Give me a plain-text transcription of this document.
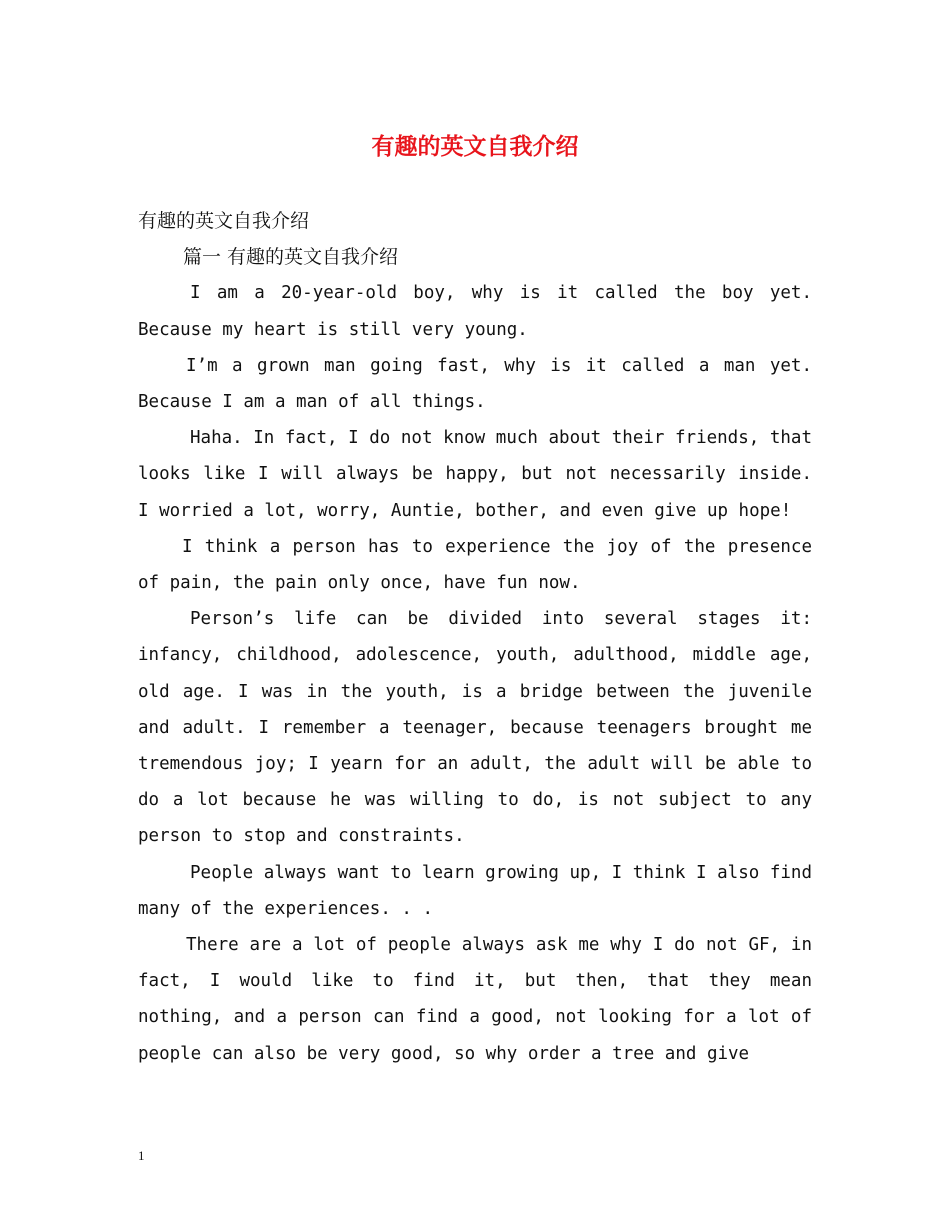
有趣的英文自我介绍

有趣的英文自我介绍

篇一 有趣的英文自我介绍

I am a 20-year-old boy, why is it called the boy yet. Because my heart is still very young.

I’m a grown man going fast, why is it called a man yet. Because I am a man of all things.

Haha. In fact, I do not know much about their friends, that looks like I will always be happy, but not necessarily inside. I worried a lot, worry, Auntie, bother, and even give up hope!

I think a person has to experience the joy of the presence of pain, the pain only once, have fun now.

Person’s life can be divided into several stages it: infancy, childhood, adolescence, youth, adulthood, middle age, old age. I was in the youth, is a bridge between the juvenile and adult. I remember a teenager, because teenagers brought me tremendous joy; I yearn for an adult, the adult will be able to do a lot because he was willing to do, is not subject to any person to stop and constraints.

People always want to learn growing up, I think I also find many of the experiences. . .

There are a lot of people always ask me why I do not GF, in fact, I would like to find it, but then, that they mean nothing, and a person can find a good, not looking for a lot of people can also be very good, so why order a tree and give

1
